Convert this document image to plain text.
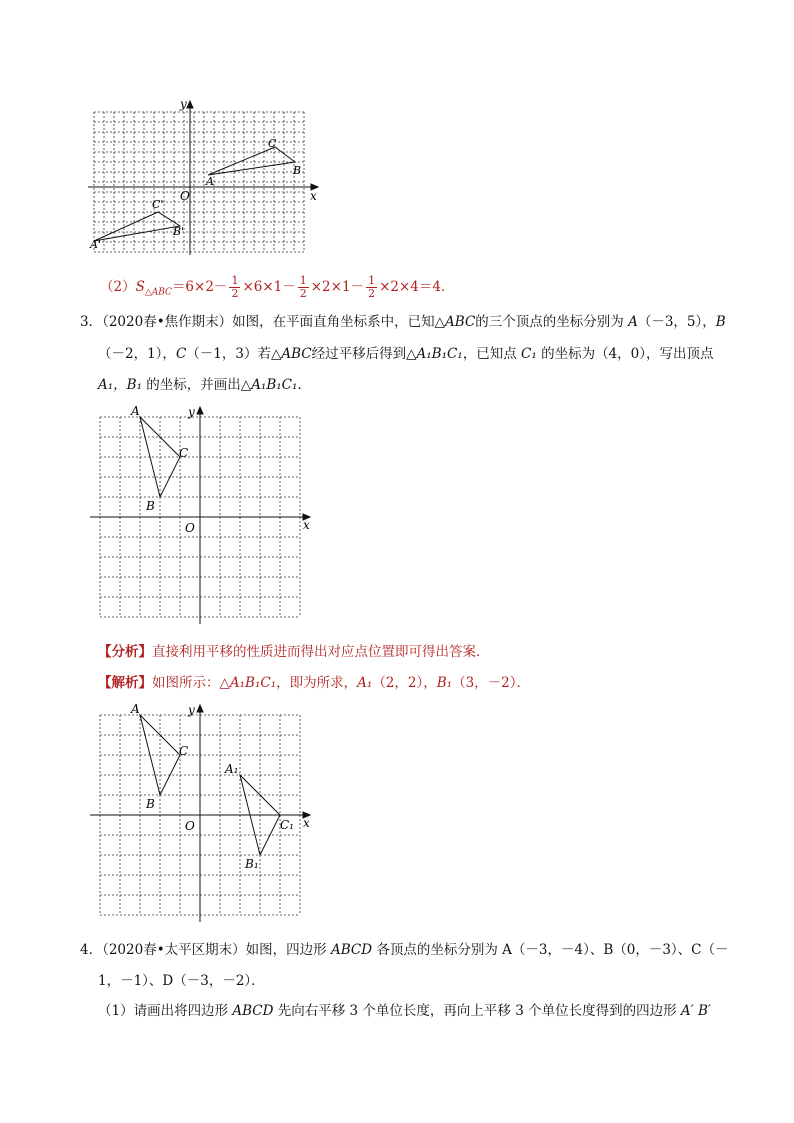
y
x
O
A
B
C
A'
B'
C'
$(2)S_{\triangle ABC}=6\times 2- \frac{1}{2} \times 6\times 1- \frac{1}{2} \times 2\times 1- \frac{1}{2} \times 2\times 4=4$．
3．（2020春•焦作期末）如图，在平面直角坐标系中，已知△ABC的三个顶点的坐标分别为 A（－3，5），B
（－2，1），C（－1，3）若△ABC经过平移后得到△A₁B₁C₁，已知点 C₁ 的坐标为（4，0），写出顶点
A₁，B₁ 的坐标，并画出△A₁B₁C₁．
y
x
O
A
B
C
【分析】直接利用平移的性质进而得出对应点位置即可得出答案．
【解析】如图所示：△A₁B₁C₁，即为所求，A₁（2，2），B₁（3，－2）．
y
x
O
A
B
C
A₁
B₁
C₁
4．（2020春•太平区期末）如图，四边形 ABCD 各顶点的坐标分别为 A（－3，－4）、B（0，－3）、C（－
1，－1）、D（－3，－2）．
（1）请画出将四边形 ABCD 先向右平移 3 个单位长度，再向上平移 3 个单位长度得到的四边形 A′ B′
